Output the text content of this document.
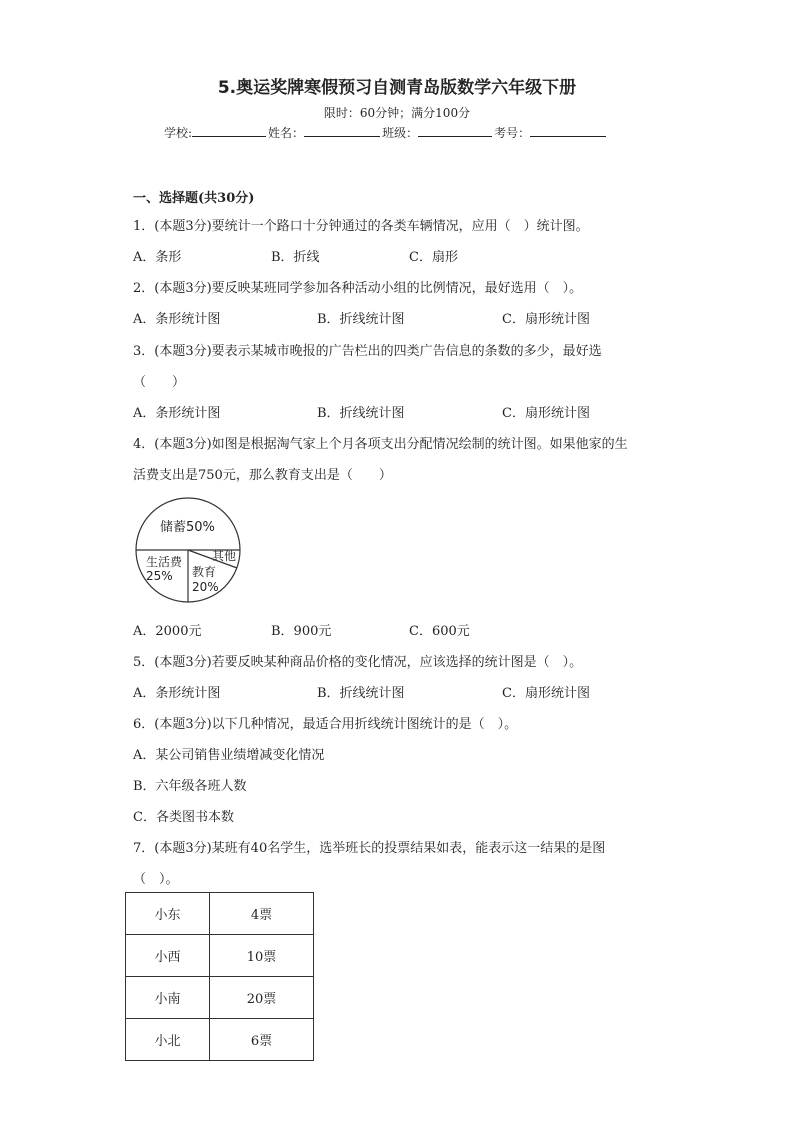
5.奥运奖牌寒假预习自测青岛版数学六年级下册
限时：60分钟；满分100分
学校:	姓名：	班级：	考号：
一、选择题(共30分)
1．(本题3分)要统计一个路口十分钟通过的各类车辆情况，应用（　）统计图。
A．条形	B．折线	C．扇形
2．(本题3分)要反映某班同学参加各种活动小组的比例情况，最好选用（　）。
A．条形统计图	B．折线统计图	C．扇形统计图
3．(本题3分)要表示某城市晚报的广告栏出的四类广告信息的条数的多少，最好选
（　　）
A．条形统计图	B．折线统计图	C．扇形统计图
4．(本题3分)如图是根据淘气家上个月各项支出分配情况绘制的统计图。如果他家的生
活费支出是750元，那么教育支出是（　　）
储蓄50%
生活费
25% 教育
20%
其他
A．2000元	B．900元	C．600元
5．(本题3分)若要反映某种商品价格的变化情况，应该选择的统计图是（　）。
A．条形统计图	B．折线统计图	C．扇形统计图
6．(本题3分)以下几种情况，最适合用折线统计图统计的是（　）。
A．某公司销售业绩增减变化情况
B．六年级各班人数
C．各类图书本数
7．(本题3分)某班有40名学生，选举班长的投票结果如表，能表示这一结果的是图
（　）。
小东	4票
小西	10票
小南	20票
小北	6票
